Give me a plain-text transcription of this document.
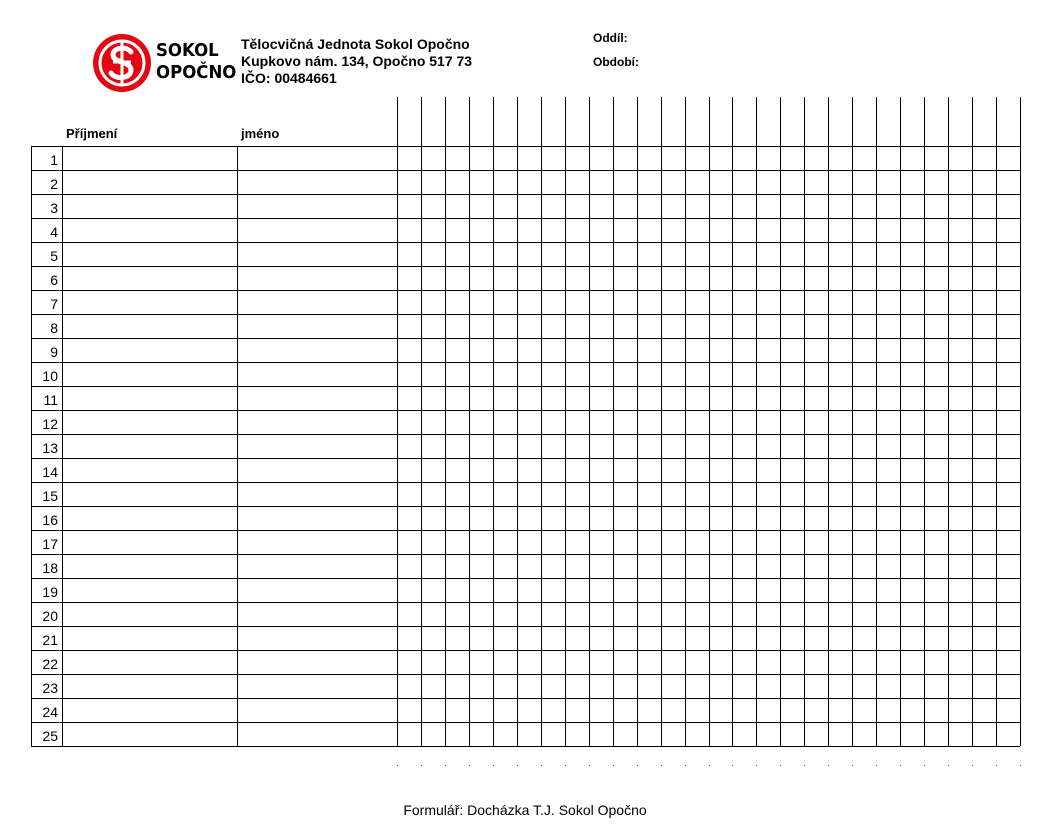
SOKOL
OPOČNO
Tělocvičná Jednota Sokol Opočno
Kupkovo nám. 134, Opočno 517 73
IČO: 00484661
Oddíl:
Období:
Příjmení	jméno
1
2
3
4
5
6
7
8
9
10
11
12
13
14
15
16
17
18
19
20
21
22
23
24
25
Formulář: Docházka T.J. Sokol Opočno
